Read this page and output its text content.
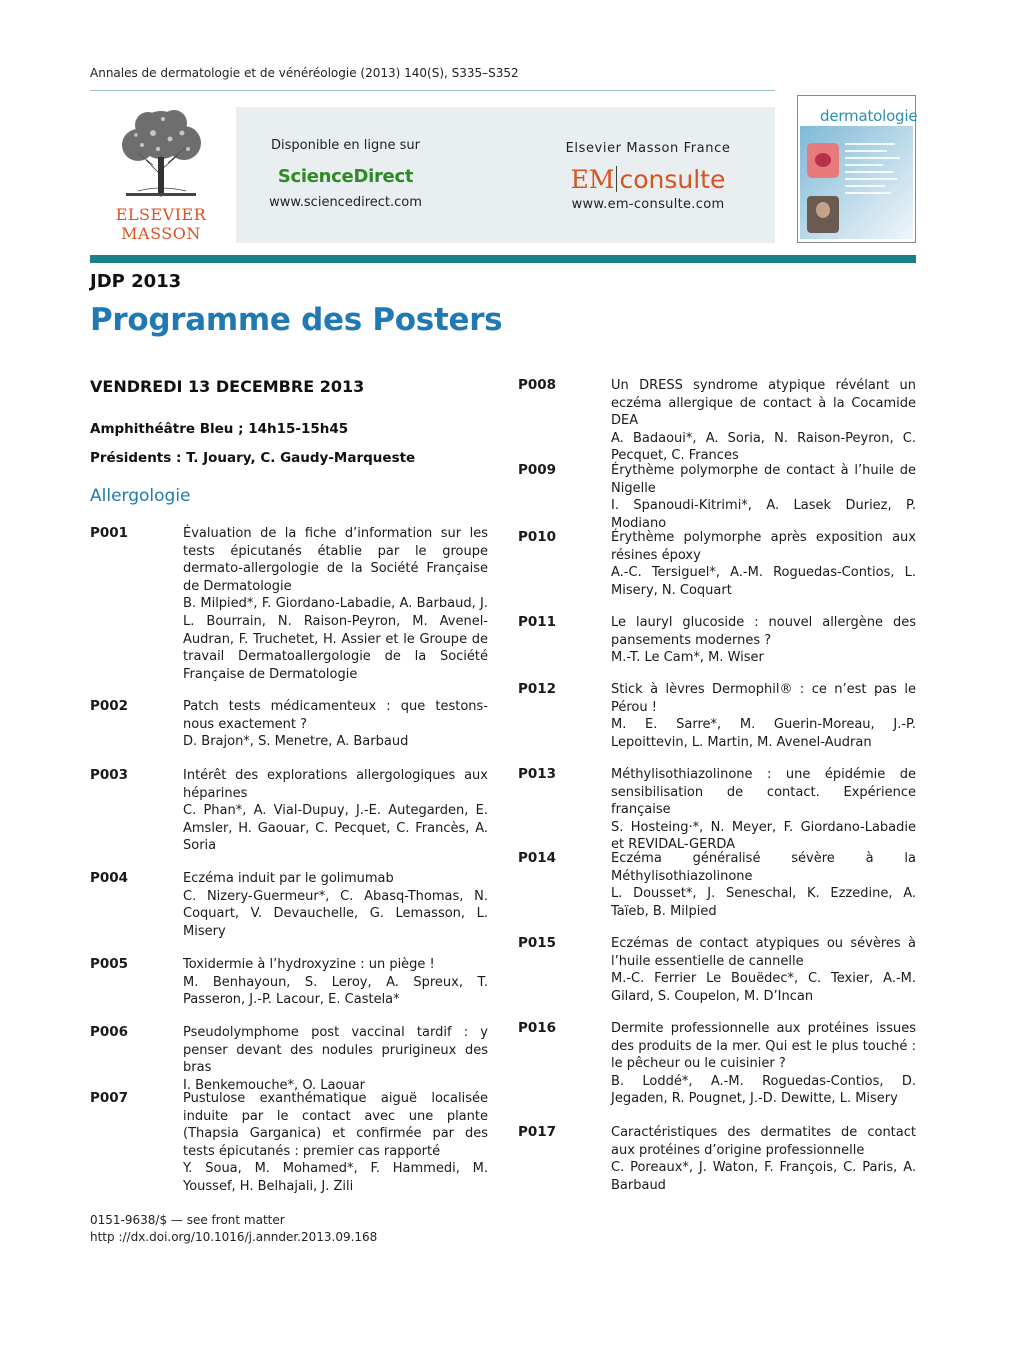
Annales de dermatologie et de vénéréologie (2013) 140(S), S335–S352
ELSEVIER
MASSON
Disponible en ligne sur
ScienceDirect
www.sciencedirect.com
Elsevier Masson France
EM consulte
www.em-consulte.com
dermatologie
JDP 2013
Programme des Posters
VENDREDI 13 DECEMBRE 2013
Amphithéâtre Bleu ; 14h15-15h45
Présidents : T. Jouary, C. Gaudy-Marqueste
Allergologie
P001	Évaluation de la fiche d’information sur les tests épicutanés établie par le groupe dermato-allergologie de la Société Française de Dermatologie
B. Milpied*, F. Giordano-Labadie, A. Barbaud, J. L. Bourrain, N. Raison-Peyron, M. Avenel-Audran, F. Truchetet, H. Assier et le Groupe de travail Dermatoallergologie de la Société Française de Dermatologie
P002	Patch tests médicamenteux : que testons-nous exactement ?
D. Brajon*, S. Menetre, A. Barbaud
P003	Intérêt des explorations allergologiques aux héparines
C. Phan*, A. Vial-Dupuy, J.-E. Autegarden, E. Amsler, H. Gaouar, C. Pecquet, C. Francès, A. Soria
P004	Eczéma induit par le golimumab
C. Nizery-Guermeur*, C. Abasq-Thomas, N. Coquart, V. Devauchelle, G. Lemasson, L. Misery
P005	Toxidermie à l’hydroxyzine : un piège !
M. Benhayoun, S. Leroy, A. Spreux, T. Passeron, J.-P. Lacour, E. Castela*
P006	Pseudolymphome post vaccinal tardif : y penser devant des nodules prurigineux des bras
I. Benkemouche*, O. Laouar
P007	Pustulose exanthématique aiguë localisée induite par le contact avec une plante (Thapsia Garganica) et confirmée par des tests épicutanés : premier cas rapporté
Y. Soua, M. Mohamed*, F. Hammedi, M. Youssef, H. Belhajali, J. Zili
P008	Un DRESS syndrome atypique révélant un eczéma allergique de contact à la Cocamide DEA
A. Badaoui*, A. Soria, N. Raison-Peyron, C. Pecquet, C. Frances
P009	Érythème polymorphe de contact à l’huile de Nigelle
I. Spanoudi-Kitrimi*, A. Lasek Duriez, P. Modiano
P010	Érythème polymorphe après exposition aux résines époxy
A.-C. Tersiguel*, A.-M. Roguedas-Contios, L. Misery, N. Coquart
P011	Le lauryl glucoside : nouvel allergène des pansements modernes ?
M.-T. Le Cam*, M. Wiser
P012	Stick à lèvres Dermophil® : ce n’est pas le Pérou !
M. E. Sarre*, M. Guerin-Moreau, J.-P. Lepoittevin, L. Martin, M. Avenel-Audran
P013	Méthylisothiazolinone : une épidémie de sensibilisation de contact. Expérience française
S. Hosteing·*, N. Meyer, F. Giordano-Labadie et REVIDAL-GERDA
P014	Eczéma généralisé sévère à la Méthylisothiazolinone
L. Dousset*, J. Seneschal, K. Ezzedine, A. Taïeb, B. Milpied
P015	Eczémas de contact atypiques ou sévères à l’huile essentielle de cannelle
M.-C. Ferrier Le Bouëdec*, C. Texier, A.-M. Gilard, S. Coupelon, M. D’Incan
P016	Dermite professionnelle aux protéines issues des produits de la mer. Qui est le plus touché : le pêcheur ou le cuisinier ?
B. Loddé*, A.-M. Roguedas-Contios, D. Jegaden, R. Pougnet, J.-D. Dewitte, L. Misery
P017	Caractéristiques des dermatites de contact aux protéines d’origine professionnelle
C. Poreaux*, J. Waton, F. François, C. Paris, A. Barbaud
0151-9638/$ — see front matter
http ://dx.doi.org/10.1016/j.annder.2013.09.168
